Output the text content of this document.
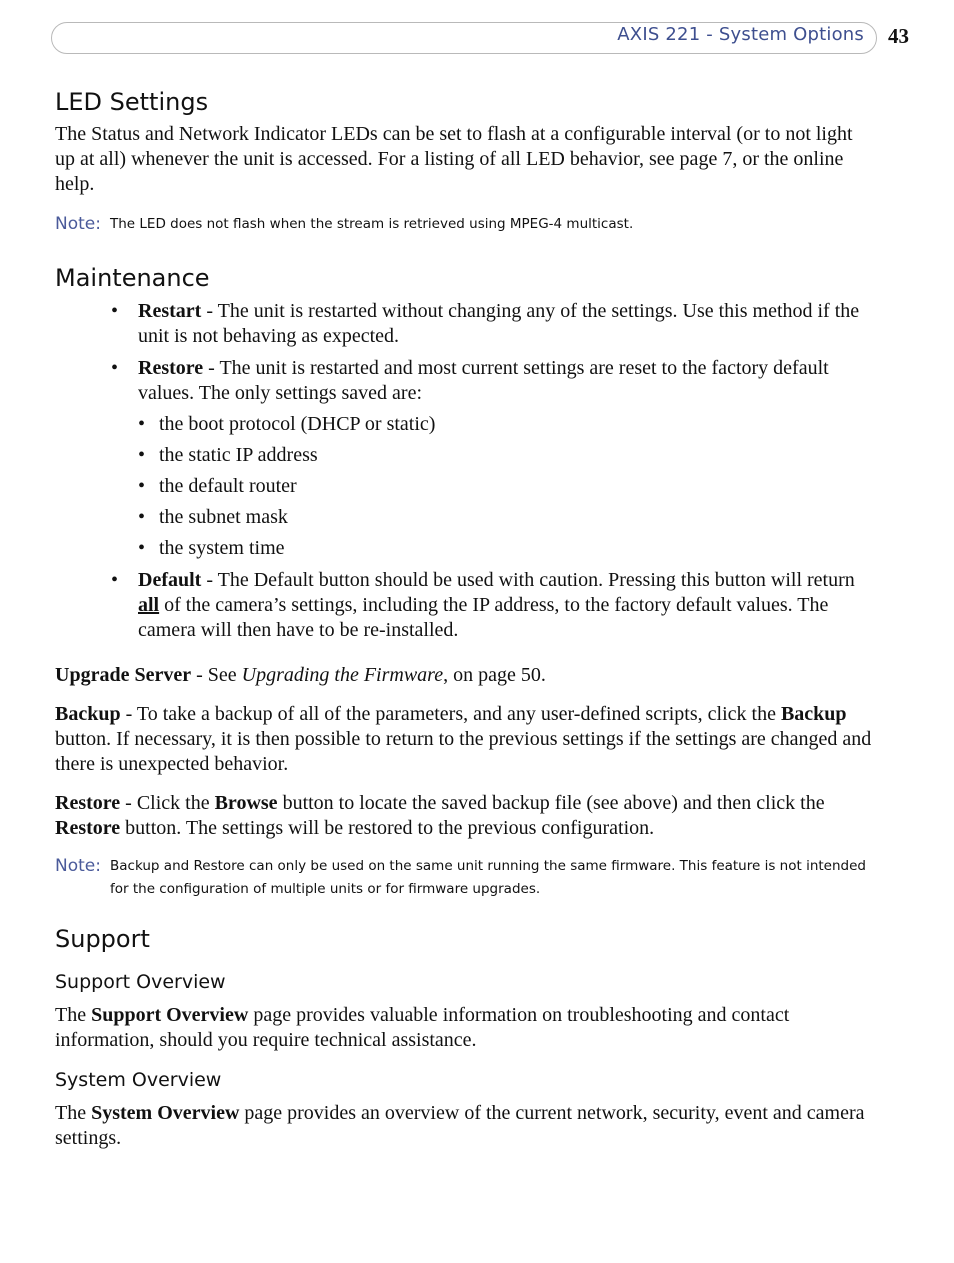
AXIS 221 - System Options 43
LED Settings

The Status and Network Indicator LEDs can be set to flash at a configurable interval (or to not light up at all) whenever the unit is accessed. For a listing of all LED behavior, see page 7, or the online help.

Note: The LED does not flash when the stream is retrieved using MPEG-4 multicast.
Maintenance
• Restart - The unit is restarted without changing any of the settings. Use this method if the unit is not behaving as expected.
• Restore - The unit is restarted and most current settings are reset to the factory default values. The only settings saved are:
• the boot protocol (DHCP or static)
• the static IP address
• the default router
• the subnet mask
• the system time
• Default - The Default button should be used with caution. Pressing this button will return all of the camera’s settings, including the IP address, to the factory default values. The camera will then have to be re-installed.

Upgrade Server - See Upgrading the Firmware, on page 50.

Backup - To take a backup of all of the parameters, and any user-defined scripts, click the Backup button. If necessary, it is then possible to return to the previous settings if the settings are changed and there is unexpected behavior.

Restore - Click the Browse button to locate the saved backup file (see above) and then click the Restore button. The settings will be restored to the previous configuration.

Note: Backup and Restore can only be used on the same unit running the same firmware. This feature is not intended for the configuration of multiple units or for firmware upgrades.
Support
Support Overview

The Support Overview page provides valuable information on troubleshooting and contact information, should you require technical assistance.

System Overview

The System Overview page provides an overview of the current network, security, event and camera settings.
